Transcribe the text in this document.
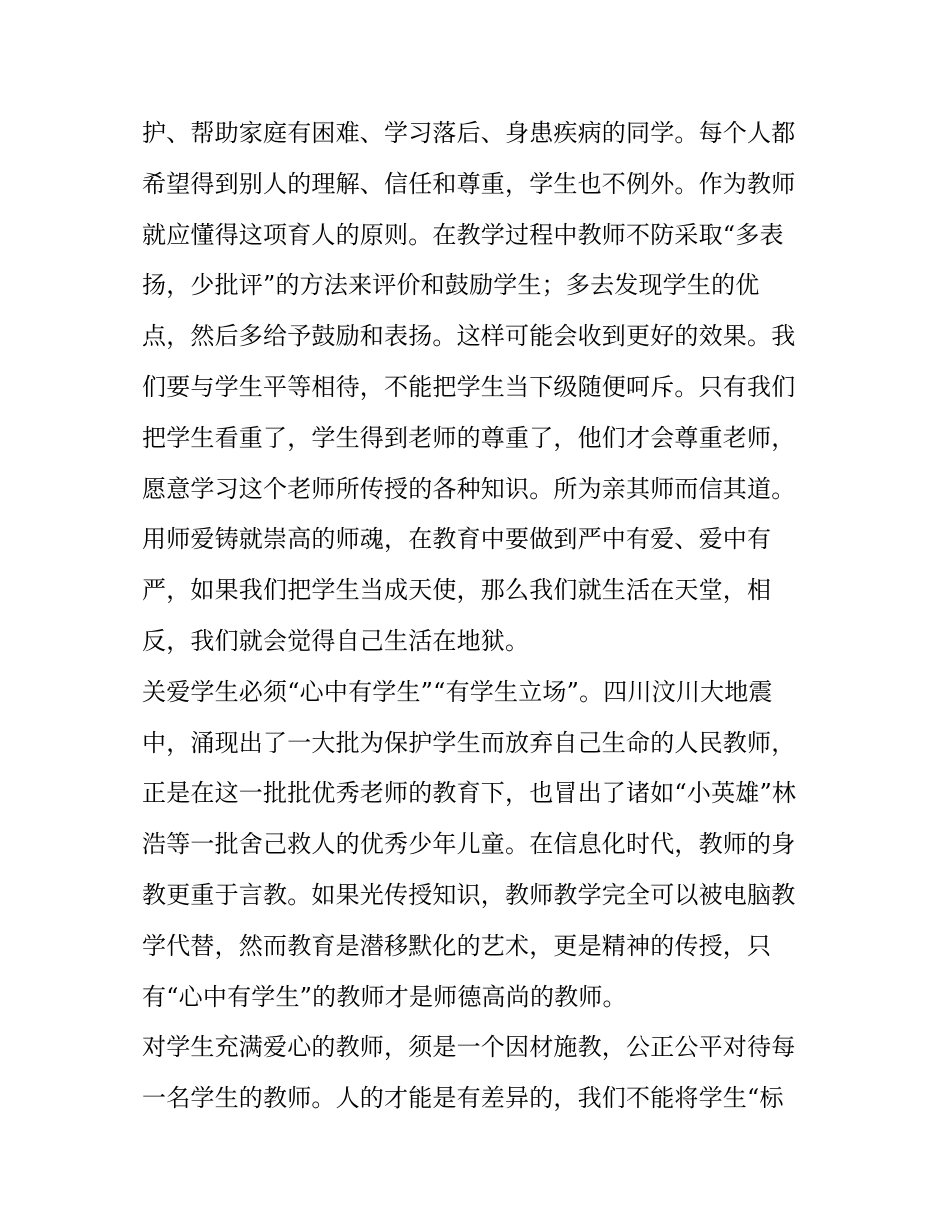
护、帮助家庭有困难、学习落后、身患疾病的同学。每个人都
希望得到别人的理解、信任和尊重，学生也不例外。作为教师
就应懂得这项育人的原则。在教学过程中教师不防采取“多表
扬，少批评”的方法来评价和鼓励学生；多去发现学生的优
点，然后多给予鼓励和表扬。这样可能会收到更好的效果。我
们要与学生平等相待，不能把学生当下级随便呵斥。只有我们
把学生看重了，学生得到老师的尊重了，他们才会尊重老师，
愿意学习这个老师所传授的各种知识。所为亲其师而信其道。
用师爱铸就崇高的师魂，在教育中要做到严中有爱、爱中有
严，如果我们把学生当成天使，那么我们就生活在天堂，相
反，我们就会觉得自己生活在地狱。
关爱学生必须“心中有学生”“有学生立场”。四川汶川大地震
中，涌现出了一大批为保护学生而放弃自己生命的人民教师，
正是在这一批批优秀老师的教育下，也冒出了诸如“小英雄”林
浩等一批舍己救人的优秀少年儿童。在信息化时代，教师的身
教更重于言教。如果光传授知识，教师教学完全可以被电脑教
学代替，然而教育是潜移默化的艺术，更是精神的传授，只
有“心中有学生”的教师才是师德高尚的教师。
对学生充满爱心的教师，须是一个因材施教，公正公平对待每
一名学生的教师。人的才能是有差异的，我们不能将学生“标
